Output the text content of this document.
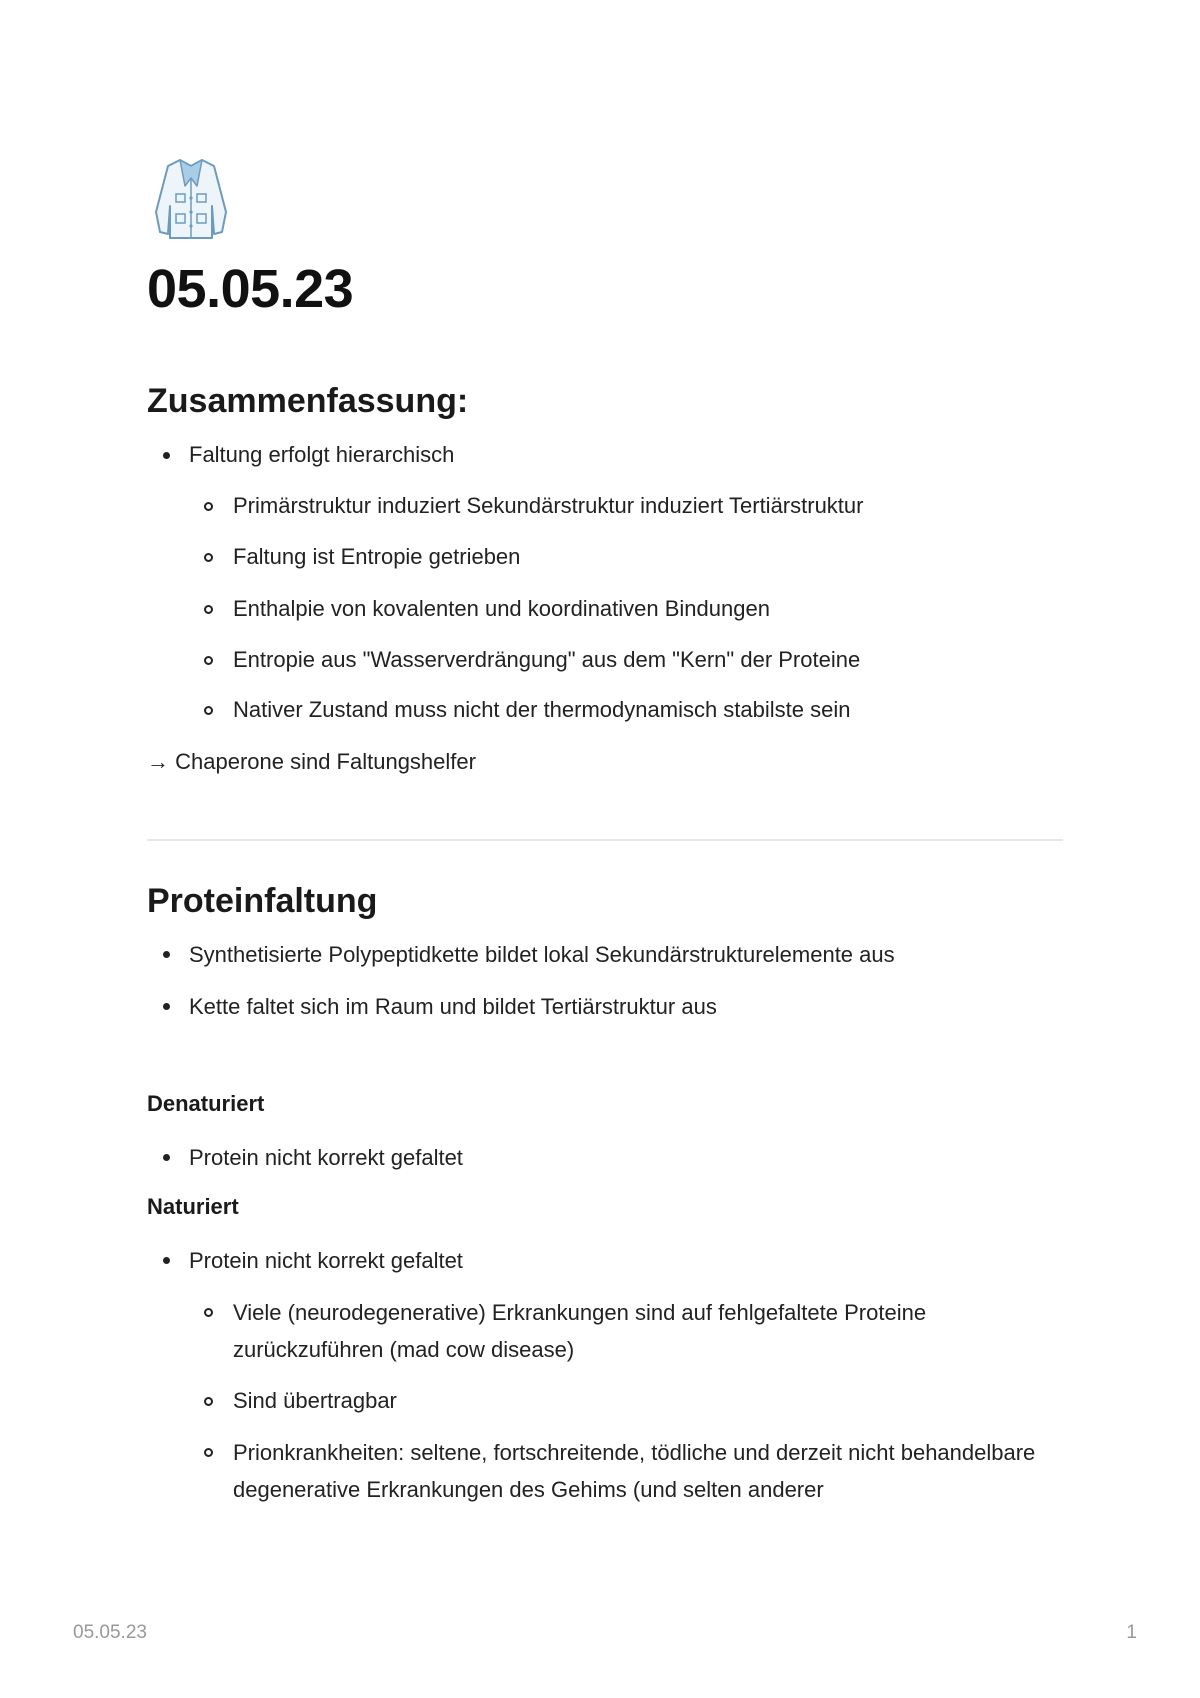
05.05.23
Zusammenfassung:
Faltung erfolgt hierarchisch
Primärstruktur induziert Sekundärstruktur induziert Tertiärstruktur
Faltung ist Entropie getrieben
Enthalpie von kovalenten und koordinativen Bindungen
Entropie aus "Wasserverdrängung" aus dem "Kern" der Proteine
Nativer Zustand muss nicht der thermodynamisch stabilste sein
→ Chaperone sind Faltungshelfer
Proteinfaltung
Synthetisierte Polypeptidkette bildet lokal Sekundärstrukturelemente aus
Kette faltet sich im Raum und bildet Tertiärstruktur aus
Denaturiert
Protein nicht korrekt gefaltet
Naturiert
Protein nicht korrekt gefaltet
Viele (neurodegenerative) Erkrankungen sind auf fehlgefaltete Proteine zurückzuführen (mad cow disease)
Sind übertragbar
Prionkrankheiten: seltene, fortschreitende, tödliche und derzeit nicht behandelbare degenerative Erkrankungen des Gehims (und selten anderer
05.05.23	1
